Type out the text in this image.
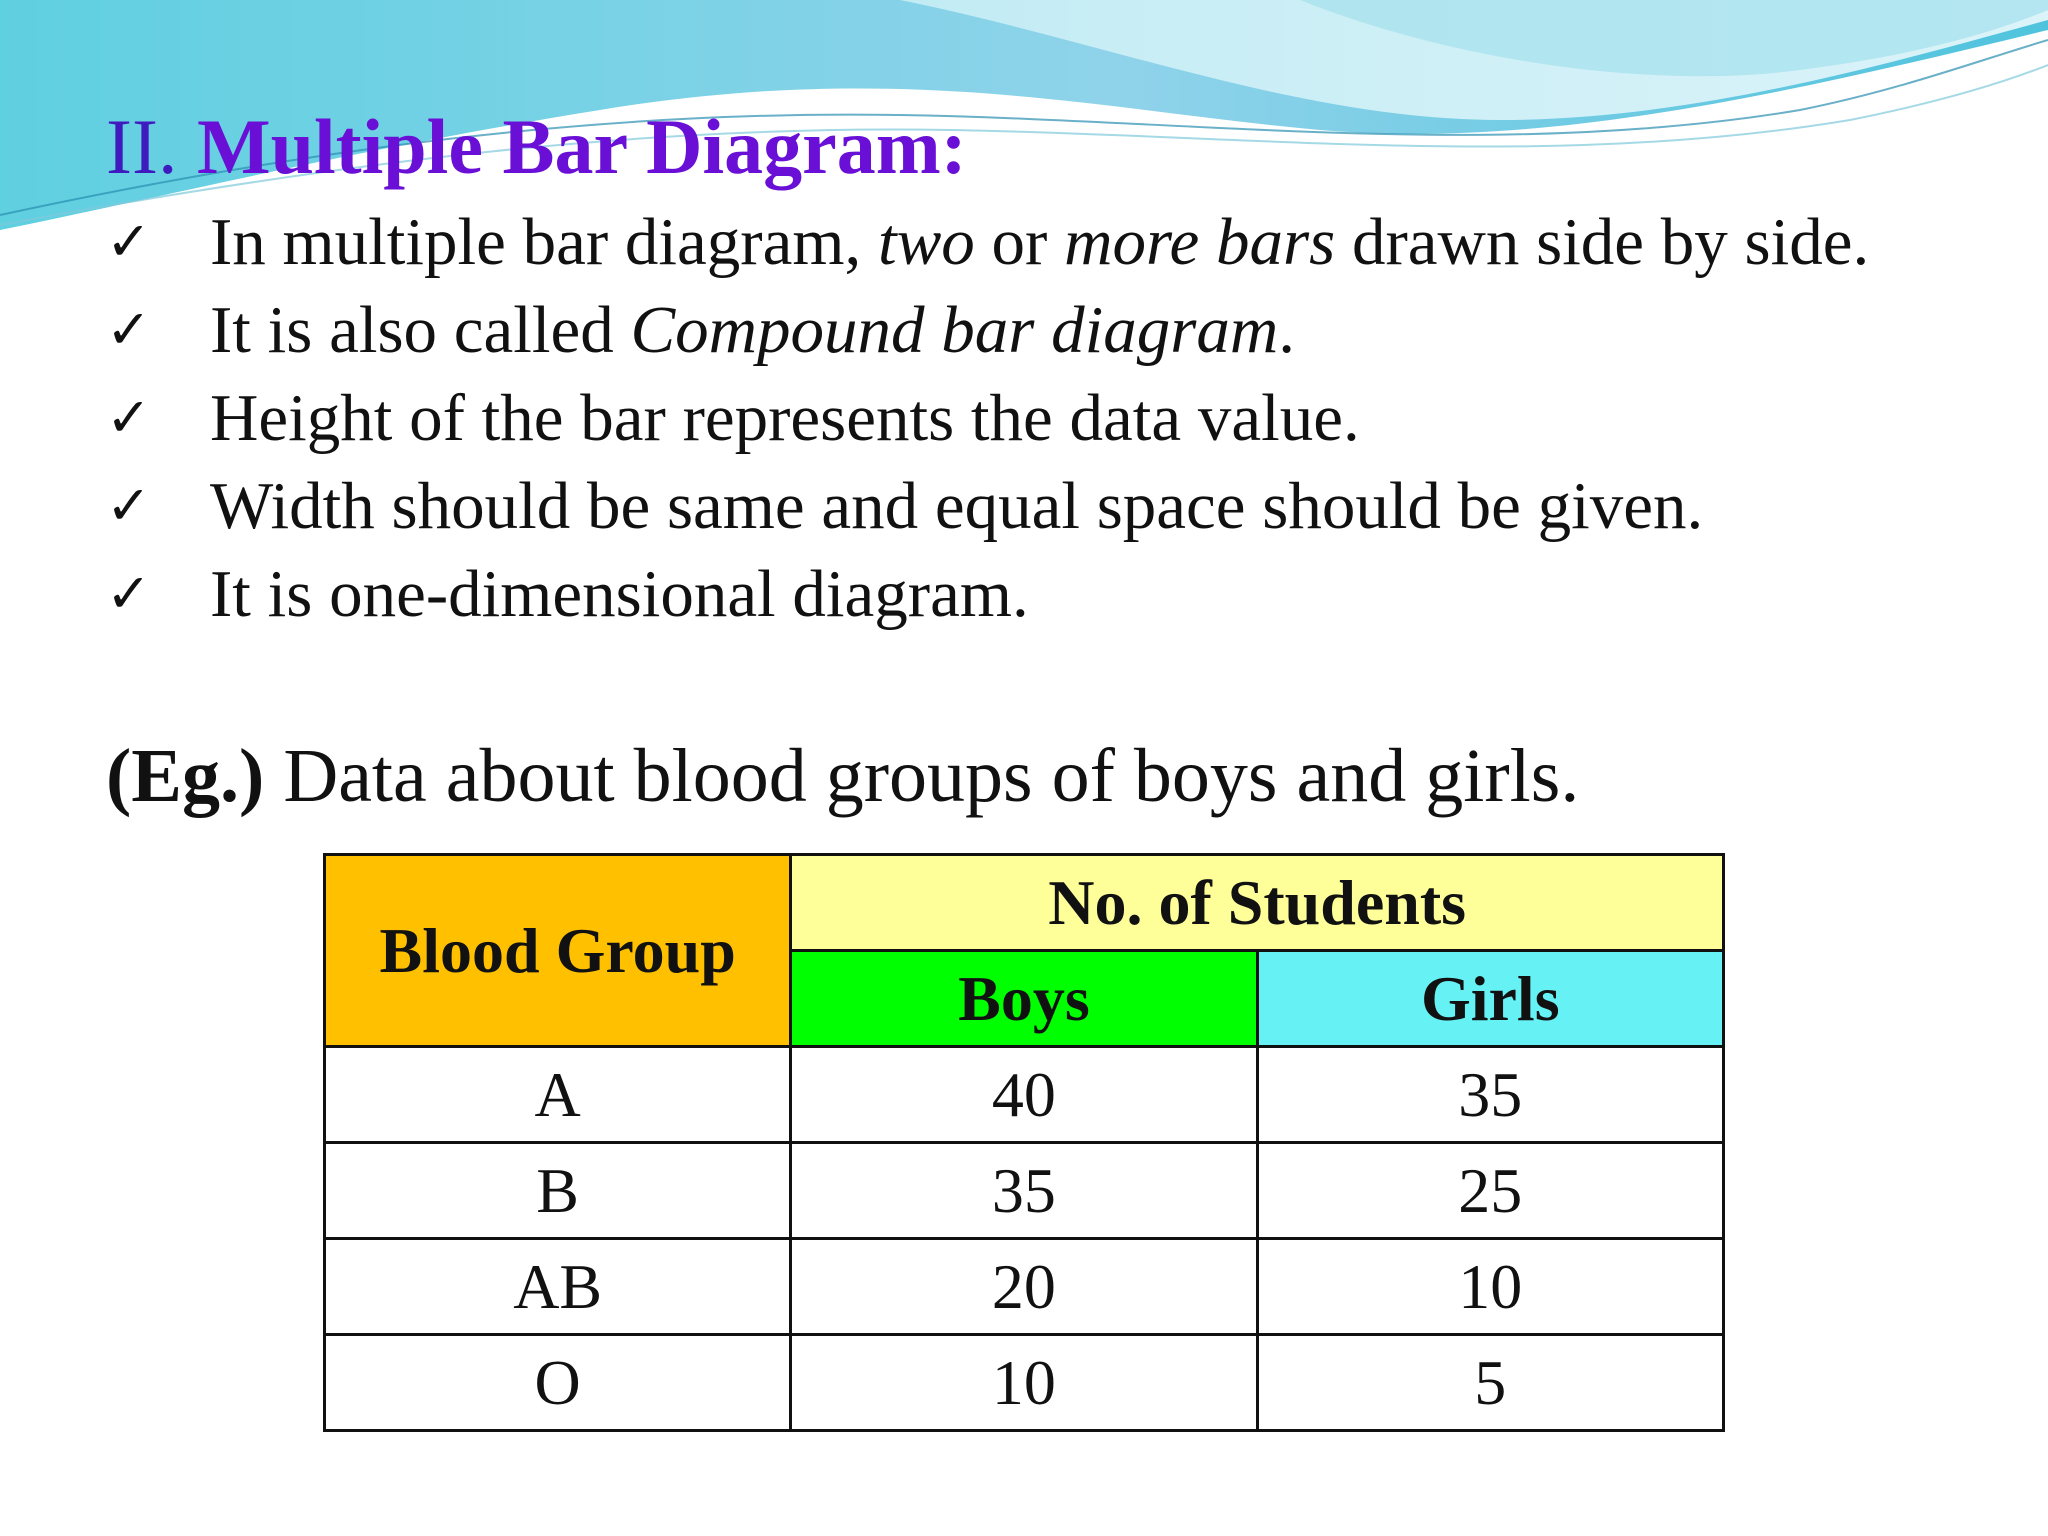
II. Multiple Bar Diagram:
✓ In multiple bar diagram, two or more bars drawn side by side.
✓ It is also called Compound bar diagram.
✓ Height of the bar represents the data value.
✓ Width should be same and equal space should be given.
✓ It is one-dimensional diagram.

(Eg.) Data about blood groups of boys and girls.

Blood Group	No. of Students	
	Boys	Girls
A	40	35
B	35	25
AB	20	10
O	10	5
